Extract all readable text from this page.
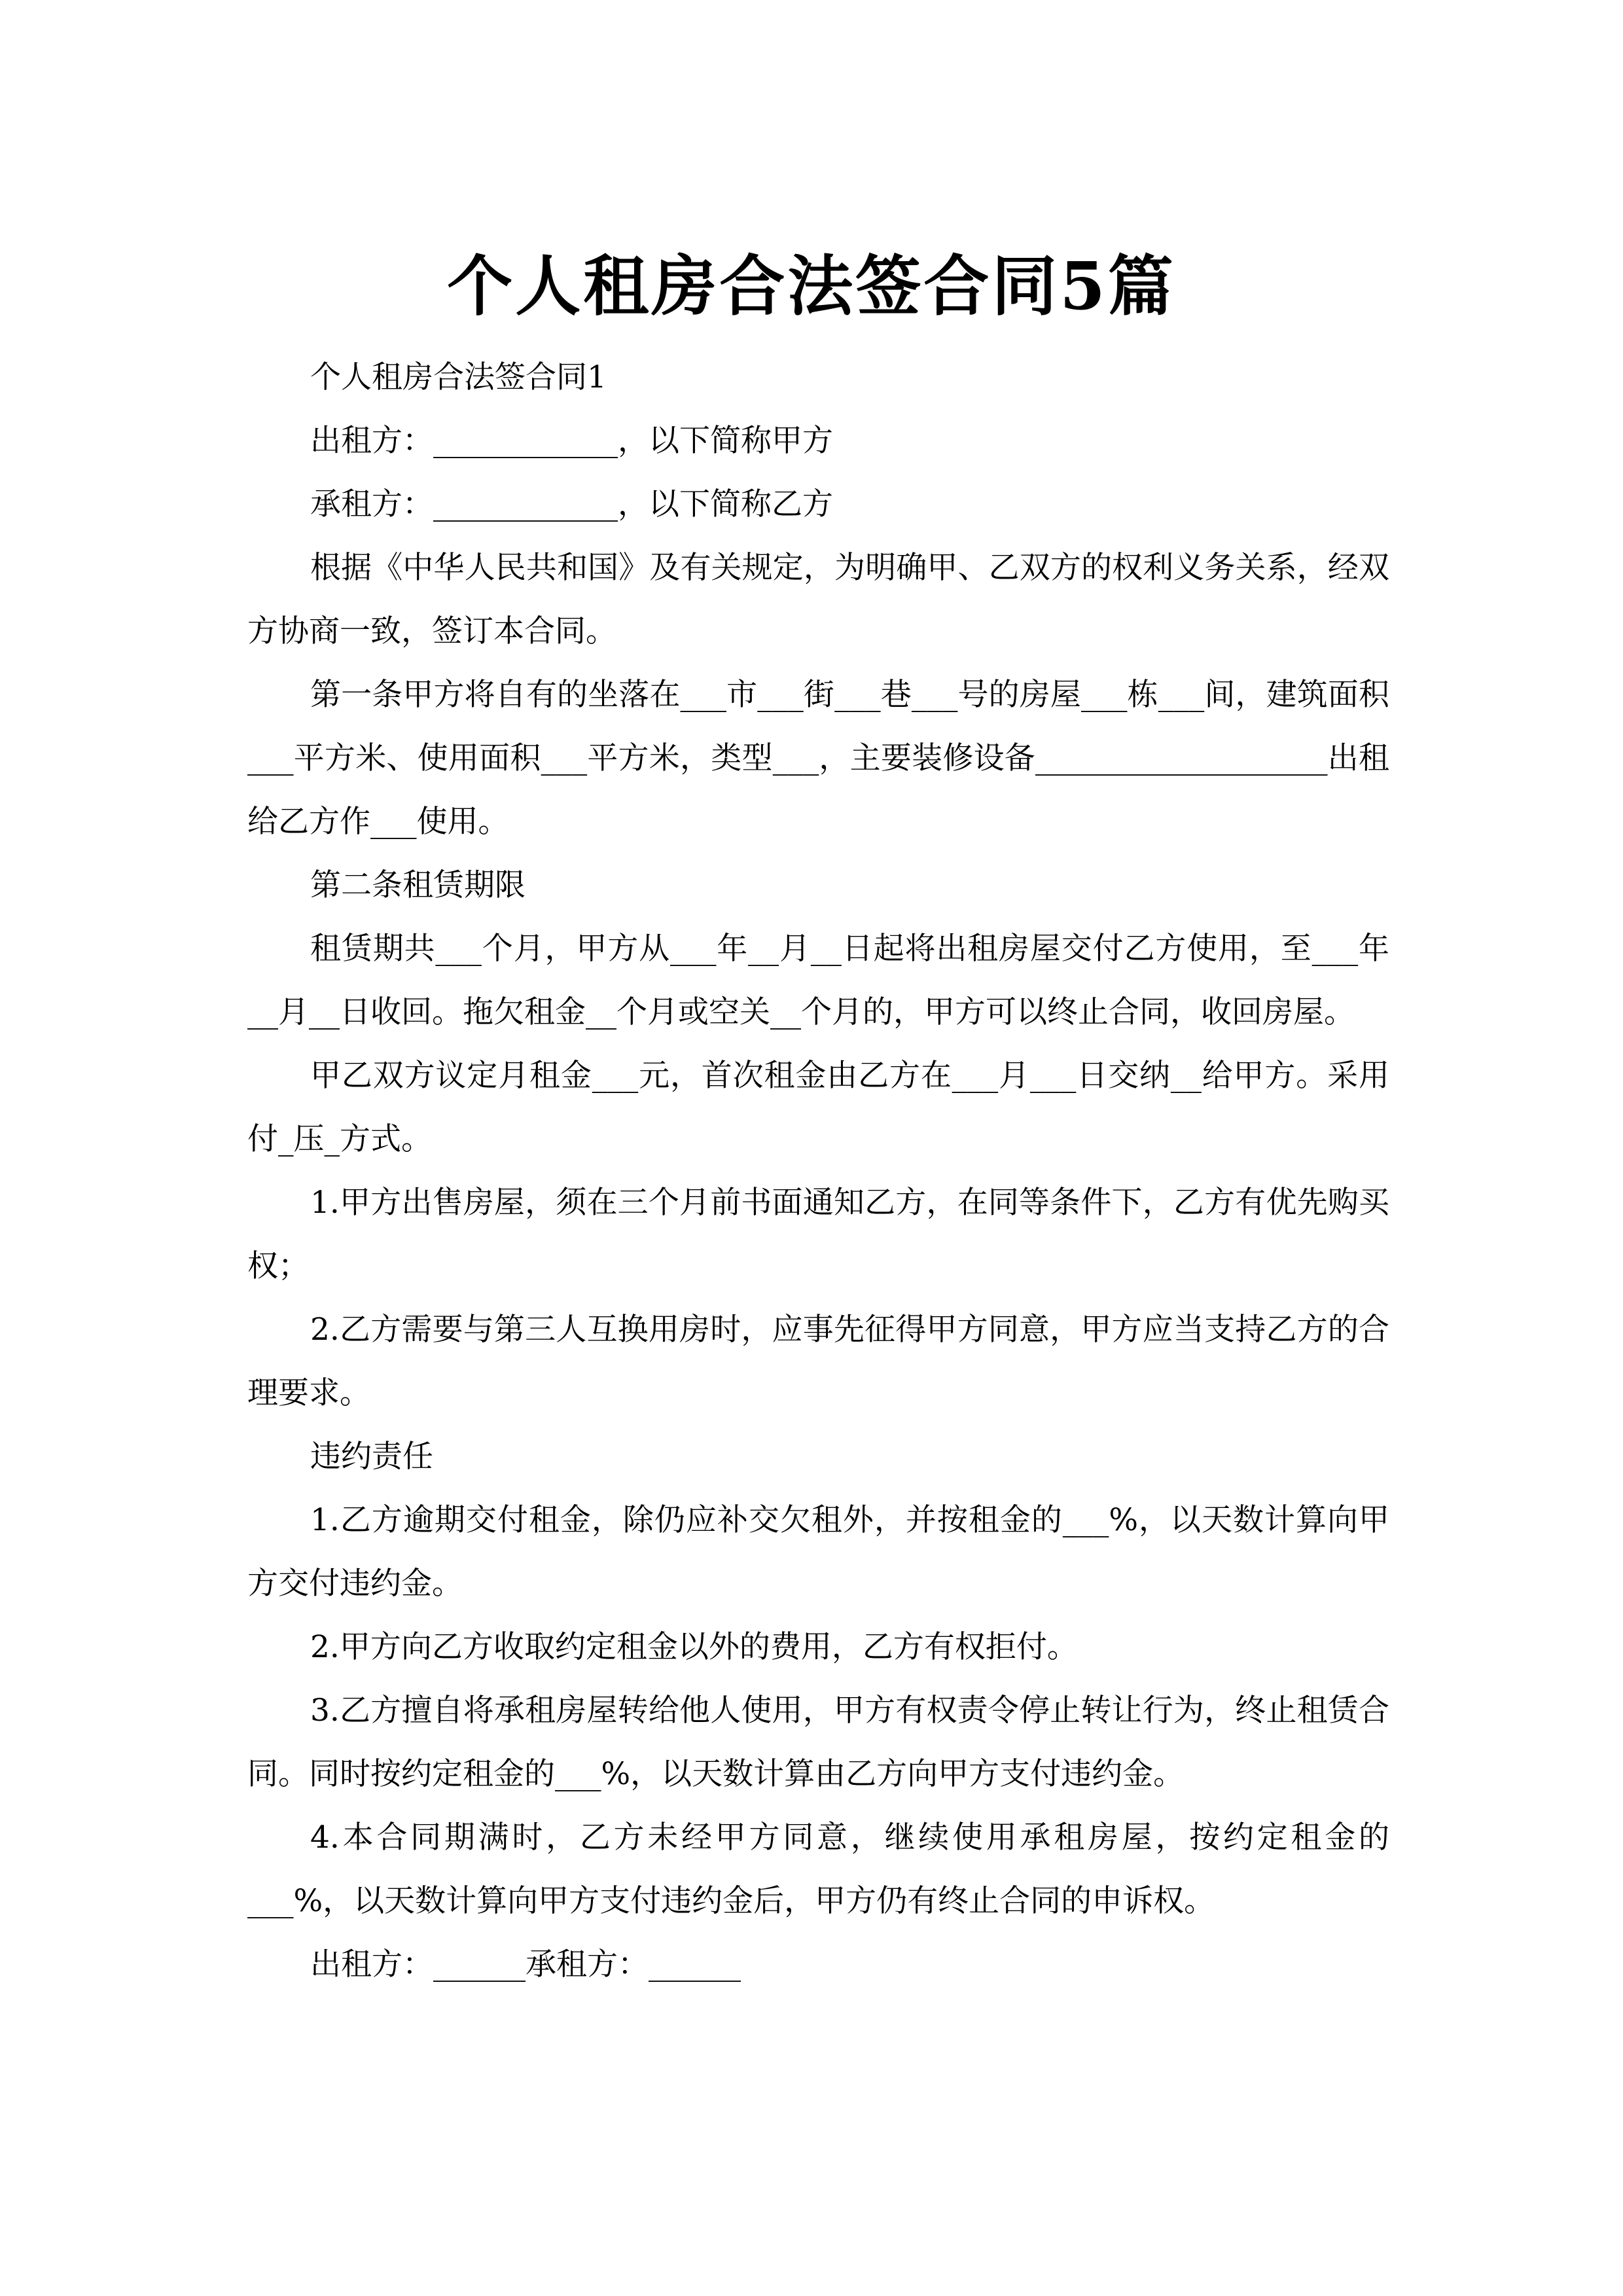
个人租房合法签合同5篇

个人租房合法签合同1

出租方：____________，以下简称甲方

承租方：____________，以下简称乙方

根据《中华人民共和国》及有关规定，为明确甲、乙双方的权利义务关系，经双方协商一致，签订本合同。

第一条甲方将自有的坐落在___市___街___巷___号的房屋___栋___间，建筑面积___平方米、使用面积___平方米，类型___，主要装修设备___________________出租给乙方作___使用。

第二条租赁期限

租赁期共___个月，甲方从___年__月__日起将出租房屋交付乙方使用，至___年__月__日收回。拖欠租金__个月或空关__个月的，甲方可以终止合同，收回房屋。

甲乙双方议定月租金___元，首次租金由乙方在___月___日交纳__给甲方。采用付_压_方式。

1.甲方出售房屋，须在三个月前书面通知乙方，在同等条件下，乙方有优先购买权；

2.乙方需要与第三人互换用房时，应事先征得甲方同意，甲方应当支持乙方的合理要求。

违约责任

1.乙方逾期交付租金，除仍应补交欠租外，并按租金的___%，以天数计算向甲方交付违约金。

2.甲方向乙方收取约定租金以外的费用，乙方有权拒付。

3.乙方擅自将承租房屋转给他人使用，甲方有权责令停止转让行为，终止租赁合同。同时按约定租金的___%，以天数计算由乙方向甲方支付违约金。

4.本合同期满时，乙方未经甲方同意，继续使用承租房屋，按约定租金的___%，以天数计算向甲方支付违约金后，甲方仍有终止合同的申诉权。

出租方：______承租方：______
